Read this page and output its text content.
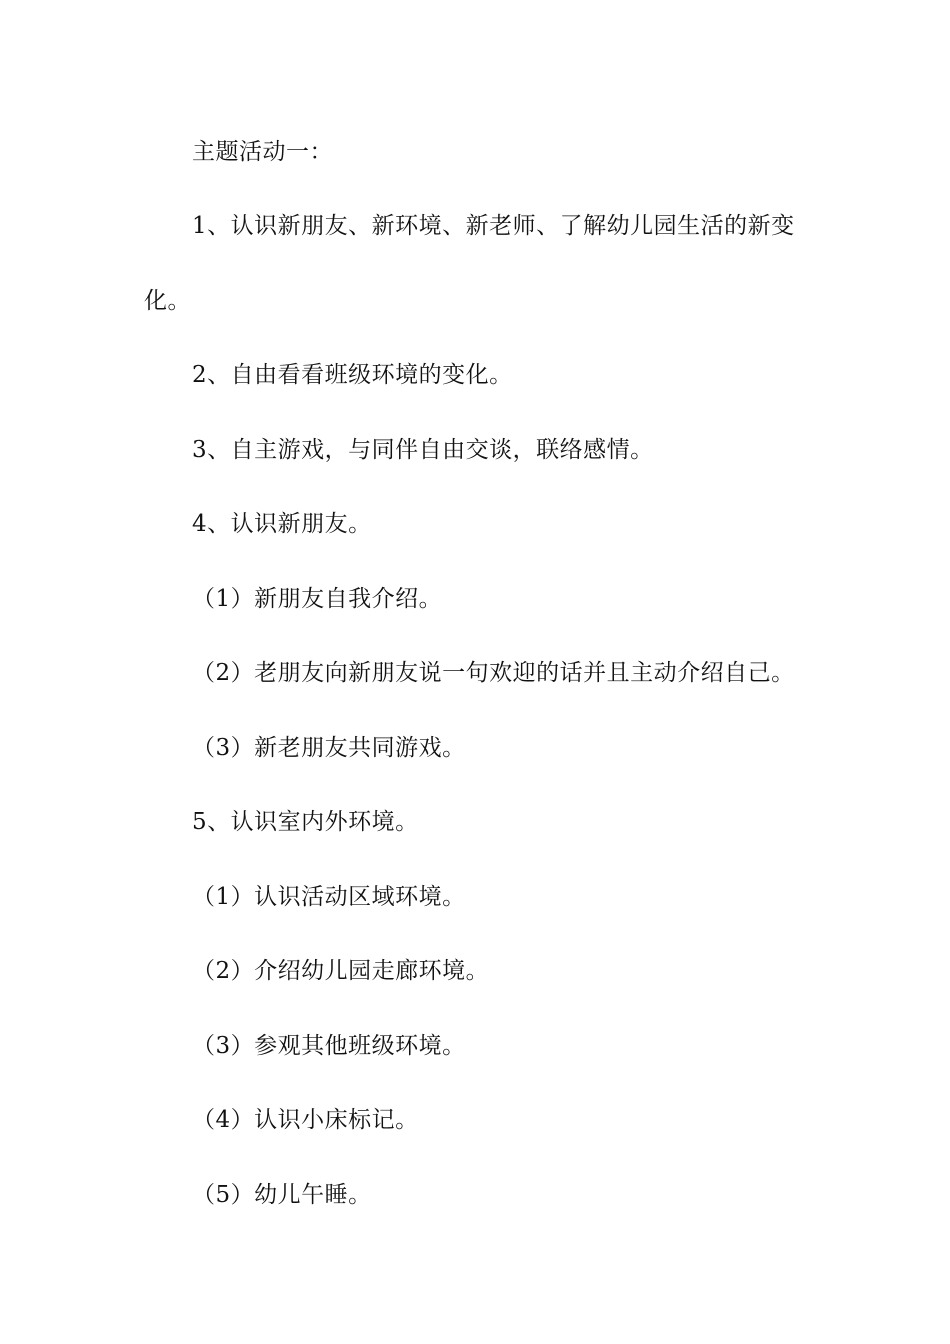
主题活动一：
1、认识新朋友、新环境、新老师、了解幼儿园生活的新变
化。
2、自由看看班级环境的变化。
3、自主游戏，与同伴自由交谈，联络感情。
4、认识新朋友。
（1）新朋友自我介绍。
（2）老朋友向新朋友说一句欢迎的话并且主动介绍自己。
（3）新老朋友共同游戏。
5、认识室内外环境。
（1）认识活动区域环境。
（2）介绍幼儿园走廊环境。
（3）参观其他班级环境。
（4）认识小床标记。
（5）幼儿午睡。
